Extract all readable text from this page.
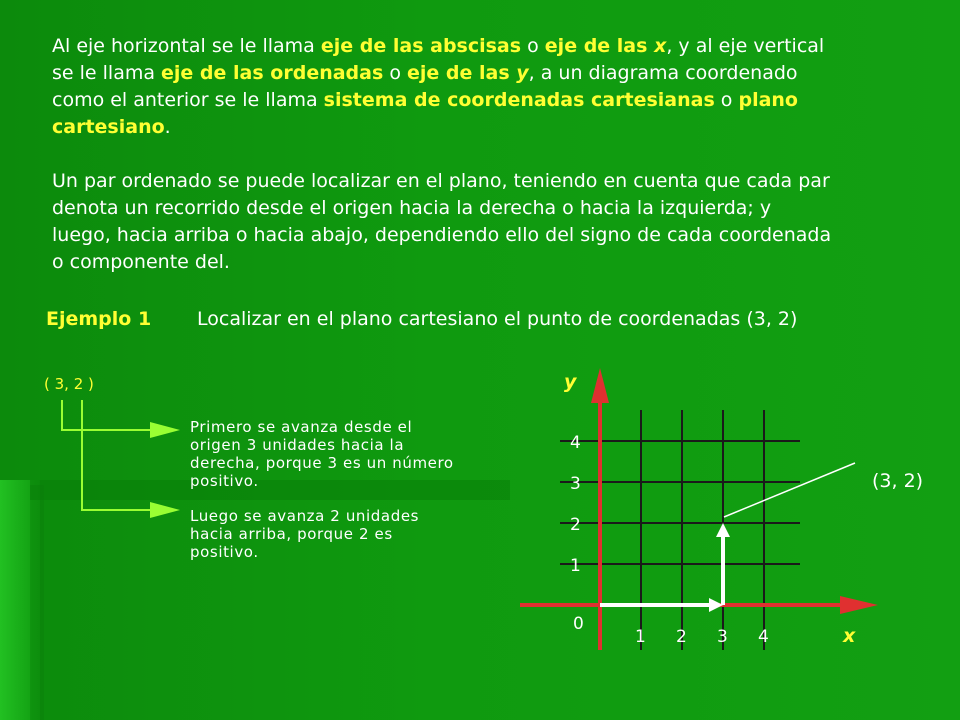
Al eje horizontal se le llama eje de las abscisas o eje de las x, y al eje vertical se le llama eje de las ordenadas o eje de las y, a un diagrama coordenado como el anterior se le llama sistema de coordenadas cartesianas o plano cartesiano.

Un par ordenado se puede localizar en el plano, teniendo en cuenta que cada par denota un recorrido desde el origen hacia la derecha o hacia la izquierda; y luego, hacia arriba o hacia abajo, dependiendo ello del signo de cada coordenada o componente del.

Ejemplo 1 Localizar en el plano cartesiano el punto de coordenadas (3, 2)
( 3, 2 )

Primero se avanza desde el origen 3 unidades hacia la derecha, porque 3 es un número positivo.

Luego se avanza 2 unidades hacia arriba, porque 2 es positivo.

1 2 3 4
1
2
3
4
0
y
x
(3, 2)
